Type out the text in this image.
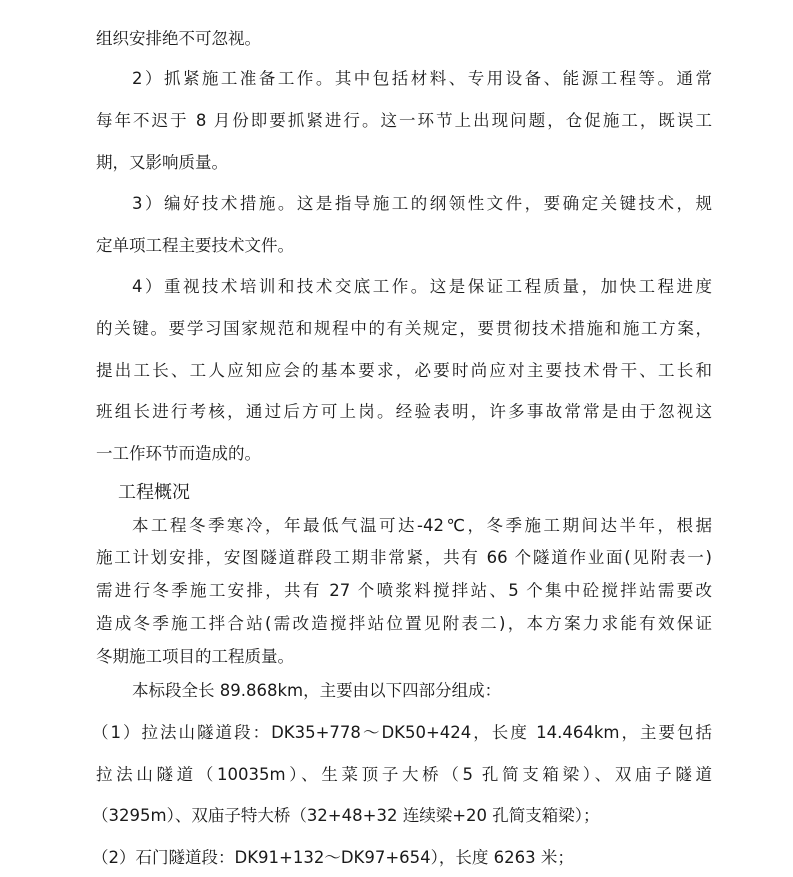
组织安排绝不可忽视。
2）抓紧施工准备工作。其中包括材料、专用设备、能源工程等。通常
每年不迟于 8 月份即要抓紧进行。这一环节上出现问题，仓促施工，既误工
期，又影响质量。
3）编好技术措施。这是指导施工的纲领性文件，要确定关键技术，规
定单项工程主要技术文件。
4）重视技术培训和技术交底工作。这是保证工程质量，加快工程进度
的关键。要学习国家规范和规程中的有关规定，要贯彻技术措施和施工方案，
提出工长、工人应知应会的基本要求，必要时尚应对主要技术骨干、工长和
班组长进行考核，通过后方可上岗。经验表明，许多事故常常是由于忽视这
一工作环节而造成的。
工程概况
本工程冬季寒冷，年最低气温可达-42℃，冬季施工期间达半年，根据
施工计划安排，安图隧道群段工期非常紧，共有 66 个隧道作业面(见附表一)
需进行冬季施工安排，共有 27 个喷浆料搅拌站、5 个集中砼搅拌站需要改
造成冬季施工拌合站(需改造搅拌站位置见附表二)，本方案力求能有效保证
冬期施工项目的工程质量。
本标段全长 89.868km，主要由以下四部分组成：
（1）拉法山隧道段：DK35+778～DK50+424，长度 14.464km，主要包括
拉法山隧道（10035m）、生菜顶子大桥（5 孔简支箱梁）、双庙子隧道
（3295m）、双庙子特大桥（32+48+32 连续梁+20 孔简支箱梁）；
（2）石门隧道段：DK91+132～DK97+654），长度 6263 米；
